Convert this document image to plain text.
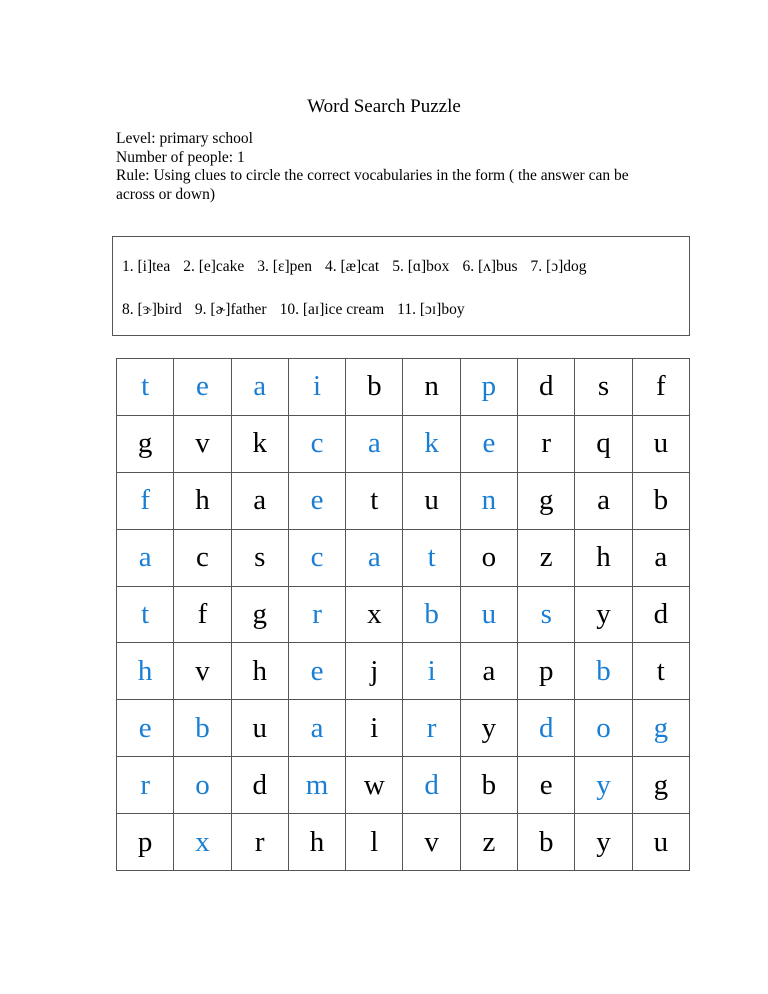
Word Search Puzzle
Level: primary school
Number of people: 1
Rule: Using clues to circle the correct vocabularies in the form ( the answer can be across or down)
1. [i]tea 2. [e]cake 3. [ɛ]pen 4. [æ]cat 5. [ɑ]box 6. [ʌ]bus 7. [ɔ]dog
8. [ɝ]bird 9. [ɚ]father 10. [aɪ]ice cream 11. [ɔɪ]boy
t	e	a	i	b	n	p	d	s	f
g	v	k	c	a	k	e	r	q	u
f	h	a	e	t	u	n	g	a	b
a	c	s	c	a	t	o	z	h	a
t	f	g	r	x	b	u	s	y	d
h	v	h	e	j	i	a	p	b	t
e	b	u	a	i	r	y	d	o	g
r	o	d	m	w	d	b	e	y	g
p	x	r	h	l	v	z	b	y	u
